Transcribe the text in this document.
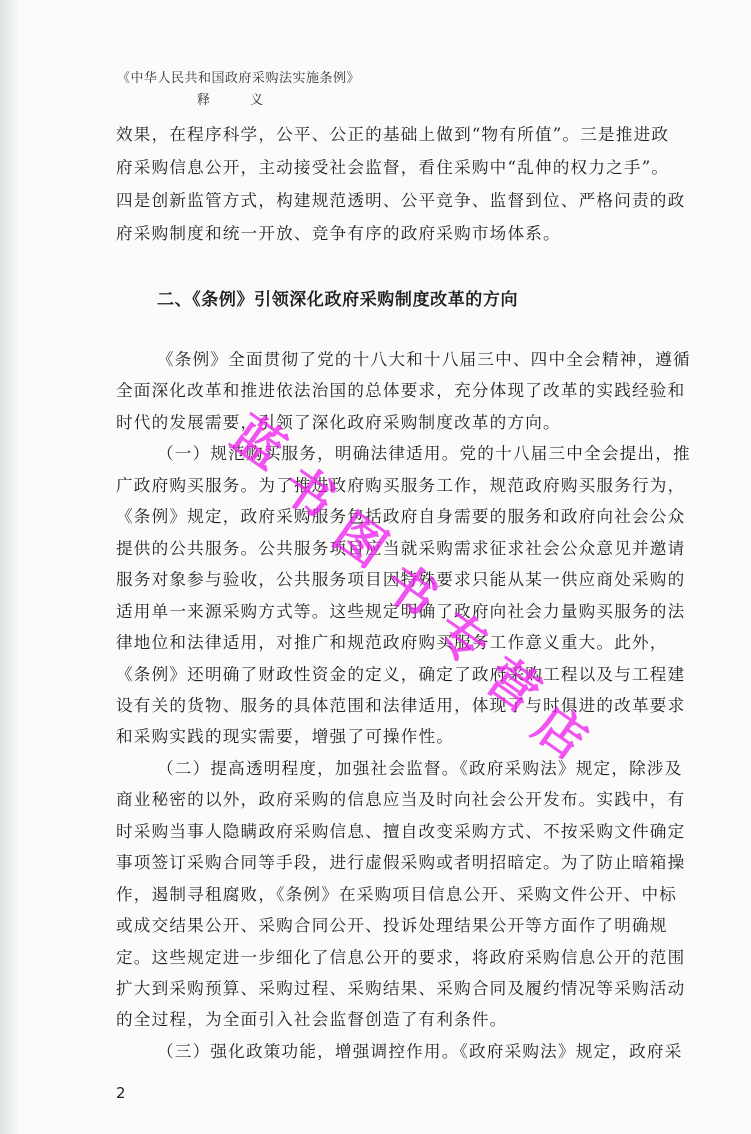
《中华人民共和国政府采购法实施条例》
释 义
效果，在程序科学，公平、公正的基础上做到“物有所值”。三是推进政
府采购信息公开，主动接受社会监督，看住采购中“乱伸的权力之手”。
四是创新监管方式，构建规范透明、公平竞争、监督到位、严格问责的政
府采购制度和统一开放、竞争有序的政府采购市场体系。
二、《条例》引领深化政府采购制度改革的方向
《条例》全面贯彻了党的十八大和十八届三中、四中全会精神，遵循
全面深化改革和推进依法治国的总体要求，充分体现了改革的实践经验和
时代的发展需要，引领了深化政府采购制度改革的方向。
（一）规范购买服务，明确法律适用。党的十八届三中全会提出，推
广政府购买服务。为了推进政府购买服务工作，规范政府购买服务行为，
《条例》规定，政府采购服务包括政府自身需要的服务和政府向社会公众
提供的公共服务。公共服务项目应当就采购需求征求社会公众意见并邀请
服务对象参与验收，公共服务项目因特殊要求只能从某一供应商处采购的
适用单一来源采购方式等。这些规定明确了政府向社会力量购买服务的法
律地位和法律适用，对推广和规范政府购买服务工作意义重大。此外，
《条例》还明确了财政性资金的定义，确定了政府采购工程以及与工程建
设有关的货物、服务的具体范围和法律适用，体现了与时俱进的改革要求
和采购实践的现实需要，增强了可操作性。
（二）提高透明程度，加强社会监督。《政府采购法》规定，除涉及
商业秘密的以外，政府采购的信息应当及时向社会公开发布。实践中，有
时采购当事人隐瞒政府采购信息、擅自改变采购方式、不按采购文件确定
事项签订采购合同等手段，进行虚假采购或者明招暗定。为了防止暗箱操
作，遏制寻租腐败，《条例》在采购项目信息公开、采购文件公开、中标
或成交结果公开、采购合同公开、投诉处理结果公开等方面作了明确规
定。这些规定进一步细化了信息公开的要求，将政府采购信息公开的范围
扩大到采购预算、采购过程、采购结果、采购合同及履约情况等采购活动
的全过程，为全面引入社会监督创造了有利条件。
（三）强化政策功能，增强调控作用。《政府采购法》规定，政府采
蓝
书
图
书
专
营
店
2
